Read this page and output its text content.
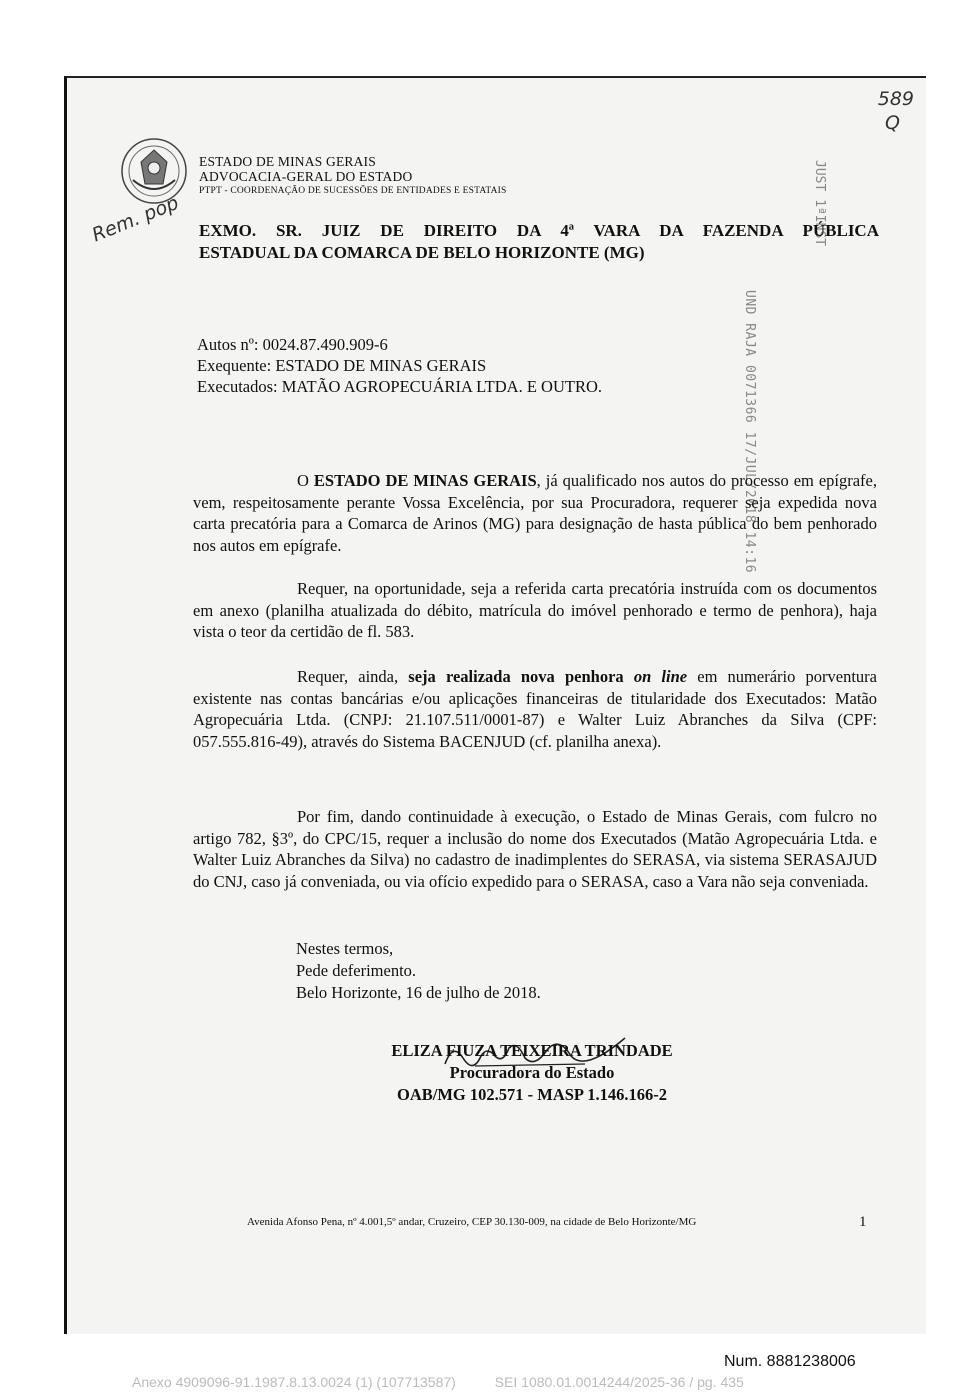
ESTADO DE MINAS GERAIS
ADVOCACIA-GERAL DO ESTADO
PTPT - COORDENAÇÃO DE SUCESSÕES DE ENTIDADES E ESTATAIS
589
Q
Rem. pop	JUST 1ªINST
UND RAJA 0071366 17/JUL/2018 14:16
EXMO. SR. JUIZ DE DIREITO DA 4ª VARA DA FAZENDA PÚBLICA
ESTADUAL DA COMARCA DE BELO HORIZONTE (MG)
Autos nº: 0024.87.490.909-6
Exequente: ESTADO DE MINAS GERAIS
Executados: MATÃO AGROPECUÁRIA LTDA. E OUTRO.

O ESTADO DE MINAS GERAIS, já qualificado nos autos do processo em epígrafe, vem, respeitosamente perante Vossa Excelência, por sua Procuradora, requerer seja expedida nova carta precatória para a Comarca de Arinos (MG) para designação de hasta pública do bem penhorado nos autos em epígrafe.

Requer, na oportunidade, seja a referida carta precatória instruída com os documentos em anexo (planilha atualizada do débito, matrícula do imóvel penhorado e termo de penhora), haja vista o teor da certidão de fl. 583.

Requer, ainda, seja realizada nova penhora on line em numerário porventura existente nas contas bancárias e/ou aplicações financeiras de titularidade dos Executados: Matão Agropecuária Ltda. (CNPJ: 21.107.511/0001-87) e Walter Luiz Abranches da Silva (CPF: 057.555.816-49), através do Sistema BACENJUD (cf. planilha anexa).

Por fim, dando continuidade à execução, o Estado de Minas Gerais, com fulcro no artigo 782, §3º, do CPC/15, requer a inclusão do nome dos Executados (Matão Agropecuária Ltda. e Walter Luiz Abranches da Silva) no cadastro de inadimplentes do SERASA, via sistema SERASAJUD do CNJ, caso já conveniada, ou via ofício expedido para o SERASA, caso a Vara não seja conveniada.

Nestes termos,
Pede deferimento.
Belo Horizonte, 16 de julho de 2018.
ELIZA FIUZA TEIXEIRA TRINDADE
Procuradora do Estado
OAB/MG 102.571 - MASP 1.146.166-2
Avenida Afonso Pena, nº 4.001,5º andar, Cruzeiro, CEP 30.130-009, na cidade de Belo Horizonte/MG	1
Num. 8881238006
Anexo 4909096-91.1987.8.13.0024 (1) (107713587)          SEI 1080.01.0014244/2025-36 / pg. 435
